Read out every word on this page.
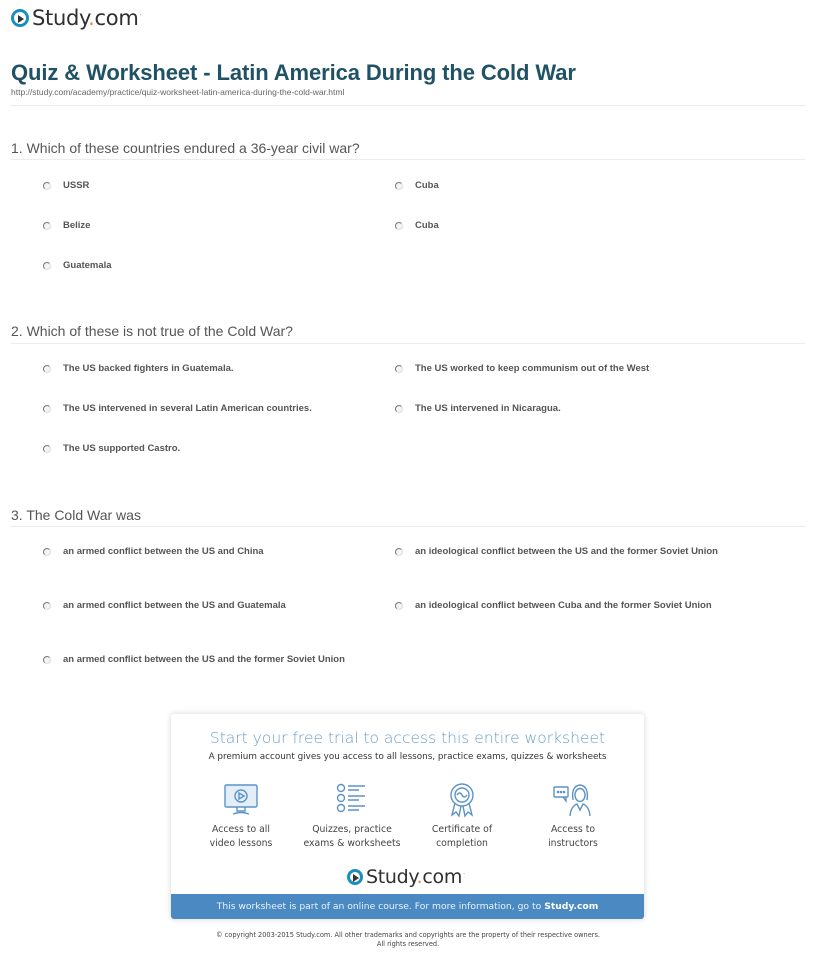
Study.com·
Quiz & Worksheet - Latin America During the Cold War
http://study.com/academy/practice/quiz-worksheet-latin-america-during-the-cold-war.html
1. Which of these countries endured a 36-year civil war?
USSR	Cuba
Belize	Cuba
Guatemala
2. Which of these is not true of the Cold War?
The US backed fighters in Guatemala.	The US worked to keep communism out of the West
The US intervened in several Latin American countries.	The US intervened in Nicaragua.
The US supported Castro.
3. The Cold War was
an armed conflict between the US and China	an ideological conflict between the US and the former Soviet Union
an armed conflict between the US and Guatemala	an ideological conflict between Cuba and the former Soviet Union
an armed conflict between the US and the former Soviet Union
Start your free trial to access this entire worksheet
A premium account gives you access to all lessons, practice exams, quizzes & worksheets
Access to all
video lessons
Quizzes, practice
exams & worksheets
Certificate of
completion
Access to
instructors
Study.com·
This worksheet is part of an online course. For more information, go to Study.com
© copyright 2003-2015 Study.com. All other trademarks and copyrights are the property of their respective owners.
All rights reserved.
